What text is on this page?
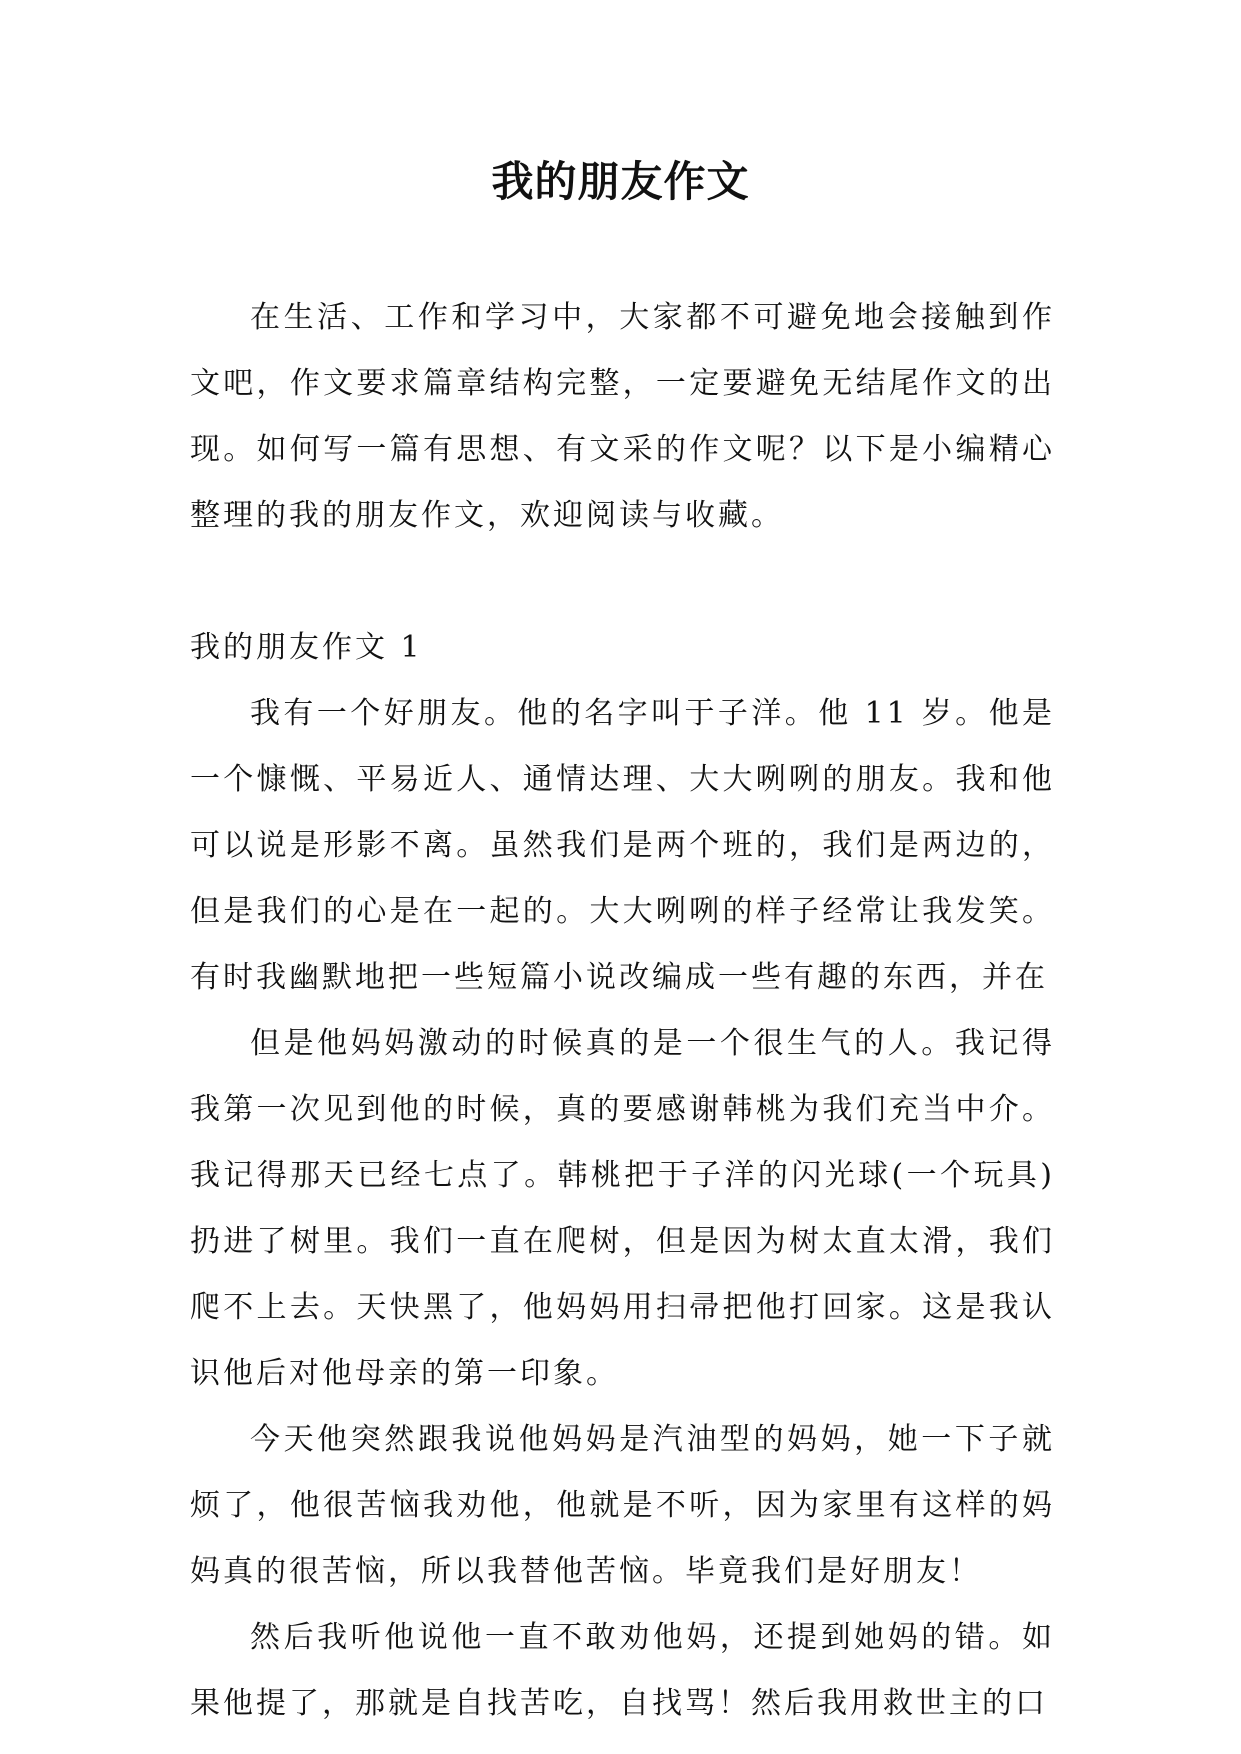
我的朋友作文

在生活、工作和学习中，大家都不可避免地会接触到作文吧，作文要求篇章结构完整，一定要避免无结尾作文的出现。如何写一篇有思想、有文采的作文呢？以下是小编精心整理的我的朋友作文，欢迎阅读与收藏。

我的朋友作文 1

我有一个好朋友。他的名字叫于子洋。他 11 岁。他是一个慷慨、平易近人、通情达理、大大咧咧的朋友。我和他可以说是形影不离。虽然我们是两个班的，我们是两边的，但是我们的心是在一起的。大大咧咧的样子经常让我发笑。有时我幽默地把一些短篇小说改编成一些有趣的东西，并在

但是他妈妈激动的时候真的是一个很生气的人。我记得我第一次见到他的时候，真的要感谢韩桃为我们充当中介。我记得那天已经七点了。韩桃把于子洋的闪光球(一个玩具)扔进了树里。我们一直在爬树，但是因为树太直太滑，我们爬不上去。天快黑了，他妈妈用扫帚把他打回家。这是我认识他后对他母亲的第一印象。

今天他突然跟我说他妈妈是汽油型的妈妈，她一下子就烦了，他很苦恼我劝他，他就是不听，因为家里有这样的妈妈真的很苦恼，所以我替他苦恼。毕竟我们是好朋友！

然后我听他说他一直不敢劝他妈，还提到她妈的错。如果他提了，那就是自找苦吃，自找骂！然后我用救世主的口
